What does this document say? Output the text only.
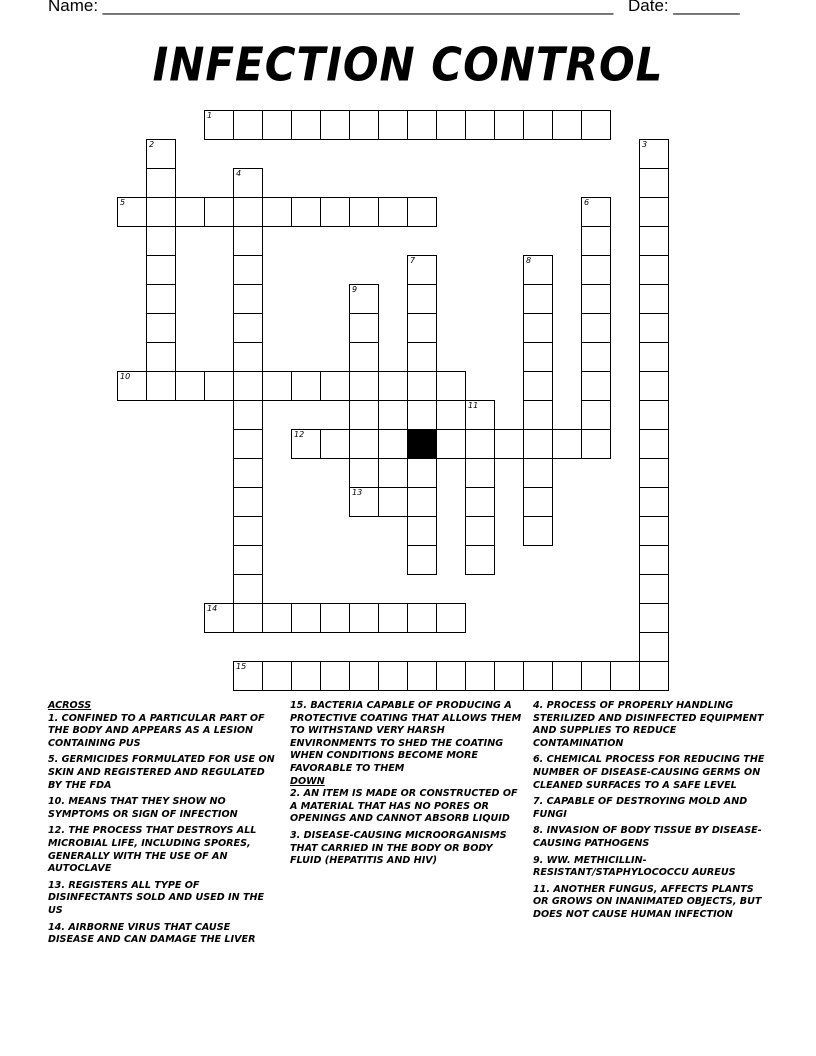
Name: ______________________________________________________ Date: _______
INFECTION CONTROL
1
2	3
4
5	6
7	8
9
13
10
11
12
14
15
ACROSS
1. CONFINED TO A PARTICULAR PART OF THE BODY AND APPEARS AS A LESION CONTAINING PUS
5. GERMICIDES FORMULATED FOR USE ON SKIN AND REGISTERED AND REGULATED BY THE FDA
10. MEANS THAT THEY SHOW NO SYMPTOMS OR SIGN OF INFECTION
12. THE PROCESS THAT DESTROYS ALL MICROBIAL LIFE, INCLUDING SPORES, GENERALLY WITH THE USE OF AN AUTOCLAVE
13. REGISTERS ALL TYPE OF DISINFECTANTS SOLD AND USED IN THE US
14. AIRBORNE VIRUS THAT CAUSE DISEASE AND CAN DAMAGE THE LIVER
15. BACTERIA CAPABLE OF PRODUCING A PROTECTIVE COATING THAT ALLOWS THEM TO WITHSTAND VERY HARSH ENVIRONMENTS TO SHED THE COATING WHEN CONDITIONS BECOME MORE FAVORABLE TO THEM
DOWN
2. AN ITEM IS MADE OR CONSTRUCTED OF A MATERIAL THAT HAS NO PORES OR OPENINGS AND CANNOT ABSORB LIQUID
3. DISEASE-CAUSING MICROORGANISMS THAT CARRIED IN THE BODY OR BODY FLUID (HEPATITIS AND HIV)
4. PROCESS OF PROPERLY HANDLING STERILIZED AND DISINFECTED EQUIPMENT AND SUPPLIES TO REDUCE CONTAMINATION
6. CHEMICAL PROCESS FOR REDUCING THE NUMBER OF DISEASE-CAUSING GERMS ON CLEANED SURFACES TO A SAFE LEVEL
7. CAPABLE OF DESTROYING MOLD AND FUNGI
8. INVASION OF BODY TISSUE BY DISEASE-CAUSING PATHOGENS
9. WW. METHICILLIN-RESISTANT/STAPHYLOCOCCU AUREUS
11. ANOTHER FUNGUS, AFFECTS PLANTS OR GROWS ON INANIMATED OBJECTS, BUT DOES NOT CAUSE HUMAN INFECTION
